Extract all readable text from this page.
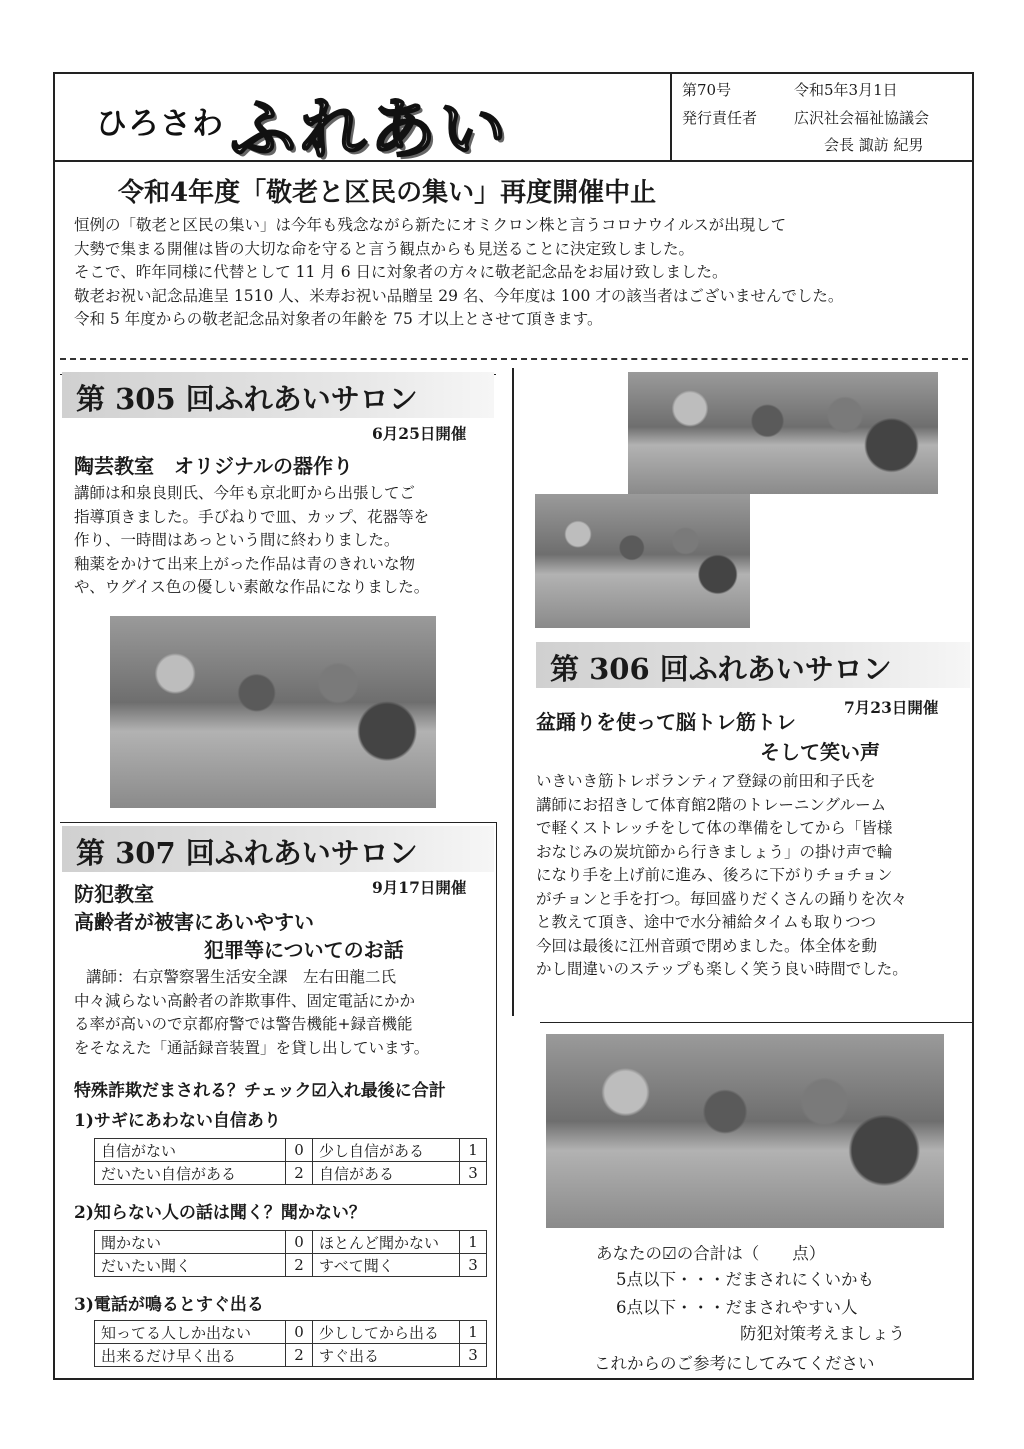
ひろさわ ふれあい
第70号	令和5年3月1日
発行責任者 広沢社会福祉協議会
会長 諏訪 紀男
令和4年度「敬老と区民の集い」再度開催中止
恒例の「敬老と区民の集い」は今年も残念ながら新たにオミクロン株と言うコロナウイルスが出現して
大勢で集まる開催は皆の大切な命を守ると言う観点からも見送ることに決定致しました。
そこで、昨年同様に代替として 11 月 6 日に対象者の方々に敬老記念品をお届け致しました。
敬老お祝い記念品進呈 1510 人、米寿お祝い品贈呈 29 名、今年度は 100 才の該当者はございませんでした。
令和 5 年度からの敬老記念品対象者の年齢を 75 才以上とさせて頂きます。
第 305 回ふれあいサロン
6月25日開催
陶芸教室　オリジナルの器作り
講師は和泉良則氏、今年も京北町から出張してご
指導頂きました。手びねりで皿、カップ、花器等を
作り、一時間はあっという間に終わりました。
釉薬をかけて出来上がった作品は青のきれいな物
や、ウグイス色の優しい素敵な作品になりました。
第 306 回ふれあいサロン
7月23日開催
盆踊りを使って脳トレ筋トレ
そして笑い声
いきいき筋トレボランティア登録の前田和子氏を
講師にお招きして体育館2階のトレーニングルーム
で軽くストレッチをして体の準備をしてから「皆様
おなじみの炭坑節から行きましょう」の掛け声で輪
になり手を上げ前に進み、後ろに下がりチョチョン
がチョンと手を打つ。毎回盛りだくさんの踊りを次々
と教えて頂き、途中で水分補給タイムも取りつつ
今回は最後に江州音頭で閉めました。体全体を動
かし間違いのステップも楽しく笑う良い時間でした。
第 307 回ふれあいサロン
防犯教室	9月17日開催
高齢者が被害にあいやすい
犯罪等についてのお話
講師：右京警察署生活安全課　左右田龍二氏
中々減らない高齢者の詐欺事件、固定電話にかか
る率が高いので京都府警では警告機能+録音機能
をそなえた「通話録音装置」を貸し出しています。
特殊詐欺だまされる？チェック☑入れ最後に合計
1)サギにあわない自信あり
自信がない	0	少し自信がある	1
だいたい自信がある	2	自信がある	3
2)知らない人の話は聞く？聞かない？
聞かない	0	ほとんど聞かない	1
だいたい聞く	2	すべて聞く	3
3)電話が鳴るとすぐ出る
知ってる人しか出ない	0	少ししてから出る	1
出来るだけ早く出る	2	すぐ出る	3
あなたの☑の合計は（　　点）
5点以下・・・だまされにくいかも
6点以下・・・だまされやすい人
防犯対策考えましょう
これからのご参考にしてみてください
